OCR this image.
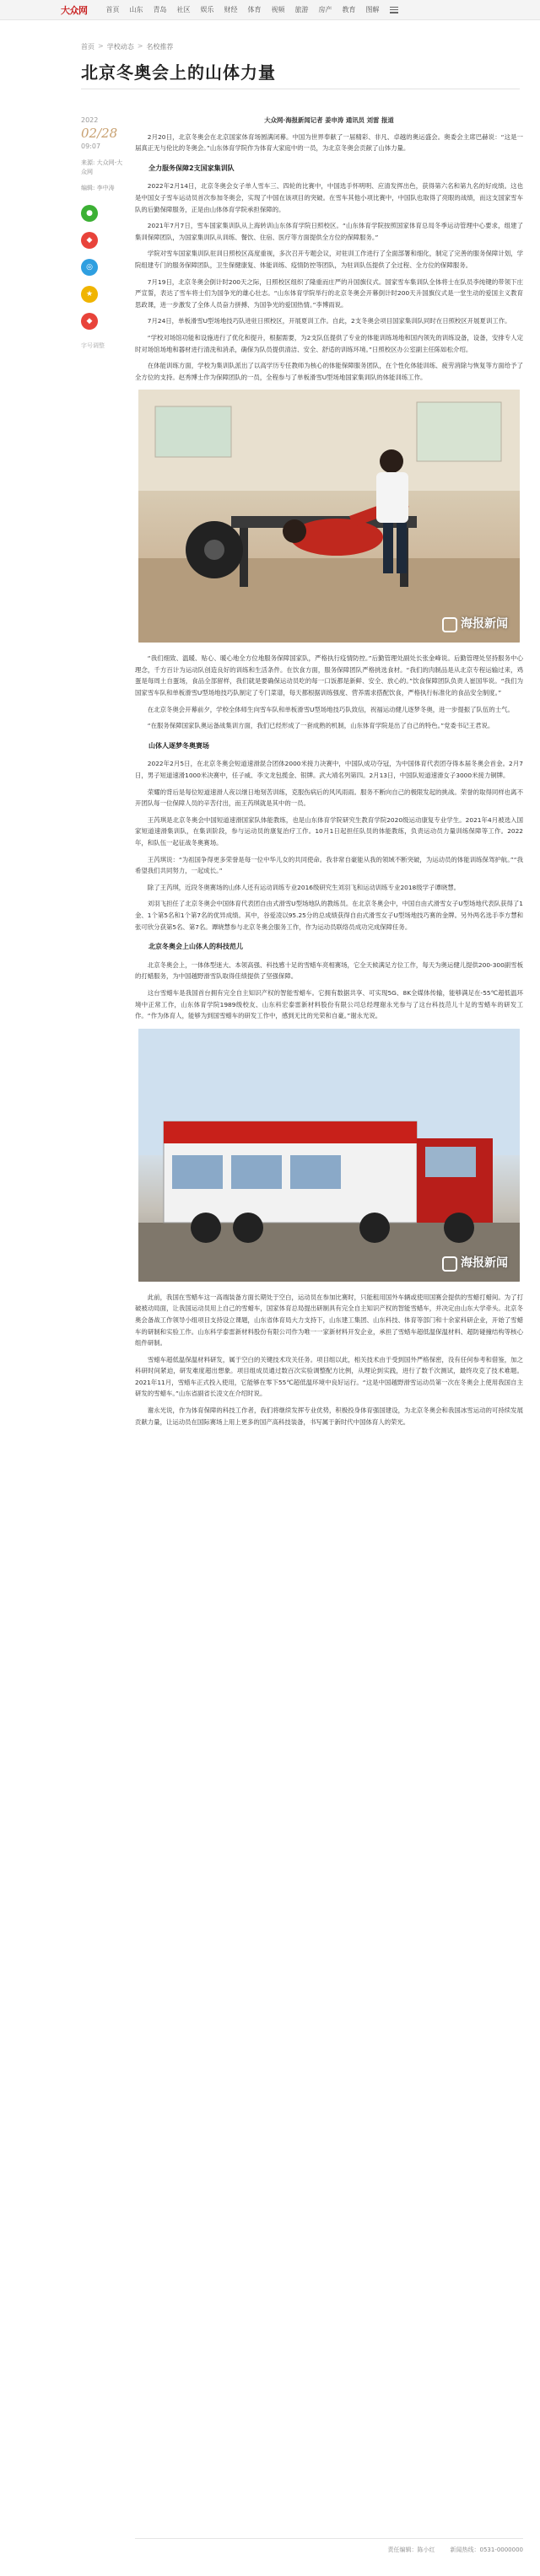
大众网	首页	山东	青岛	社区	娱乐	财经	体育	视频	旅游	房产	教育	图解
首页 > 学校动态 > 名校推荐
北京冬奥会上的山体力量
2022
02/28
09:07
来源: 大众网-大众网
编辑: 李中涛
●
◆
◎
★
◆
字号调整

大众网·海报新闻记者 姜申涛 通讯员 刘雷 报道

2月20日，北京冬奥会在北京国家体育场圆满闭幕。中国为世界奉献了一届精彩、非凡、卓越的奥运盛会。奥委会主席巴赫说：“这是一届真正无与伦比的冬奥会。”山东体育学院作为体育大家庭中的一员，为北京冬奥会贡献了山体力量。

全力服务保障2支国家集训队

2022年2月14日，北京冬奥会女子单人雪车三、四轮的比赛中，中国选手怀明明、应清发挥出色，获得第六名和第九名的好成绩。这也是中国女子雪车运动员首次参加冬奥会，实现了中国在该项目的突破。在雪车其他小项比赛中，中国队也取得了亮眼的战绩，而这支国家雪车队的后勤保障服务，正是由山体体育学院承担保障的。

2021年7月7日，雪车国家集训队从上海转训山东体育学院日照校区。“山东体育学院按照国家体育总局冬季运动管理中心要求，组建了集训保障团队，为国家集训队从训练、餐饮、住宿、医疗等方面提供全方位的保障服务。”

学院对雪车国家集训队驻训日照校区高度重视，多次召开专题会议，对驻训工作进行了全面部署和细化，制定了完善的服务保障计划，学院组建专门的服务保障团队，卫生保健康复、体能训练、疫情防控等团队，为驻训队伍提供了全过程、全方位的保障服务。

7月19日，北京冬奥会倒计时200天之际，日照校区组织了隆重而庄严的升国旗仪式。国家雪车集训队全体将士在队员李纯键的带领下庄严宣誓，表达了雪车将士们为国争光的雄心壮志。“山东体育学院举行的北京冬奥会开幕倒计时200天升国旗仪式是一堂生动的爱国主义教育思政课，进一步激发了全体人员奋力拼搏、为国争光的爱国热情。”李博雨说。

7月24日，单板滑雪U型场地技巧队进驻日照校区，开展夏训工作。自此，2支冬奥会项目国家集训队同时在日照校区开展夏训工作。

“学校对场馆功能和设施进行了优化和提升，根据需要，为2支队伍提供了专业的体能训练场地和国内领先的训练设备，设备，安排专人定时对场馆场地和器材进行清洗和消杀，确保为队员提供清洁、安全、舒适的训练环境。”日照校区办公室副主任陈如松介绍。

在体能训练方面，学校为集训队派出了以高学历专任教师为核心的体能保障服务团队，在个性化体能训练、疲劳消除与恢复等方面给予了全方位的支持。赵秀博士作为保障团队的一员，全程参与了单板滑雪U型场地国家集训队的体能训练工作。

海报新闻

“我们细致、温暖、贴心、暖心地全方位地服务保障国家队，严格执行疫情防控。”后勤管理处副处长张金峰说。后勤管理处坚持服务中心理念，千方百计为运动队创造良好的训练和生活条件。在饮食方面，服务保障团队严格挑选食材。“我们的肉制品是从北京专程运输过来，鸡蛋是每周土自蛋场，食品全部留样，我们就是要确保运动员吃的每一口饭都是新鲜、安全、放心的。”饮食保障团队负责人崔国华说。“我们为国家雪车队和单板滑雪U型场地技巧队制定了专门菜谱，每天都根据训练强度、营养需求搭配饮食，严格执行标准化的食品安全制度。”

在北京冬奥会开幕前夕，学校全体师生向雪车队和单板滑雪U型场地技巧队致信，祝福运动健儿逐梦冬奥，进一步提振了队伍的士气。

“在服务保障国家队奥运备战集训方面，我们已经形成了一套成熟的机制，山东体育学院是出了自己的特色。”党委书记王君说。

山体人逐梦冬奥赛场

2022年2月5日，在北京冬奥会短道速滑混合团体2000米接力决赛中，中国队成功夺冠，为中国体育代表团夺得本届冬奥会首金。2月7日，男子短道速滑1000米决赛中，任子威、李文龙包揽金、银牌。武大靖名列第四。2月13日，中国队短道速滑女子3000米接力铜牌。

荣耀的背后是每位短道速滑人夜以继日地刻苦训练，克服伤病后的风风雨雨。服务不断向自己的极限发起的挑战。荣誉的取得同样也离不开团队每一位保障人员的辛苦付出，而王芮琪就是其中的一员。

王芮琪是北京冬奥会中国短道速滑国家队体能教练，也是山东体育学院研究生教育学院2020级运动康复专业学生。2021年4月被选入国家短道速滑集训队，在集训阶段，参与运动员的康复治疗工作。10月1日起担任队员的体能教练，负责运动员力量训练保障等工作。2022年，和队伍一起征战冬奥赛场。

王芮琪说：“为祖国争得更多荣誉是每一位中华儿女的共同使命。我非常自豪能从我的领域不断突破，为运动员的体能训练保驾护航。”“我希望我们共同努力，一起成长。”

除了王芮琪，近段冬奥赛场的山体人还有运动训练专业2016级研究生刘羽飞和运动训练专业2018级学子谭晓慧。

刘羽飞担任了北京冬奥会中国体育代表团自由式滑雪U型场地队的教练员。在北京冬奥会中，中国自由式滑雪女子U型场地代表队获得了1金、1个第5名和1个第7名的优异成绩。其中，谷爱凌以95.25分的总成绩获得自由式滑雪女子U型场地技巧赛的金牌。另外两名选手李方慧和张可欣分获第5名、第7名。谭晓慧参与北京冬奥会服务工作，作为运动员联络员成功完成保障任务。

北京冬奥会上山体人的科技范儿

北京冬奥会上，一体体型迷大、本领高强、科技感十足的雪蜡车亮相赛场，它全天候满足方位工作，每天为奥运健儿提供200-300副雪板的打蜡服务，为中国越野滑雪队取得佳绩提供了坚强保障。

这台雪蜡车是我国首台拥有完全自主知识产权的智能雪蜡车。它拥有数据共享、可实现5G、8K全媒体传输，能够满足在-55℃超低温环境中正常工作，山东体育学院1989级校友、山东科宏泰雷新材料股份有限公司总经理谢永光参与了这台科技范儿十足的雪蜡车的研发工作。“作为体育人，能够为到国雪蜡车的研发工作中，感到无比的光荣和自豪。”谢永光说。

海报新闻

此前，我国在雪蜡车这一高端装备方面长期处于空白，运动员在参加比赛时，只能租用国外车辆或使用国赛会提供的雪蜡打蜡间。为了打破被动局面，让我国运动员用上自己的雪蜡车，国家体育总局提出研制具有完全自主知识产权的智能雪蜡车，并决定由山东大学牵头。北京冬奥会备战工作领导小组项目支持设立课题，山东省体育局大力支持下，山东建工集团、山东科技、体育等部门和十余家科研企业，开始了雪蜡车的研制和实验工作。山东科学泰雷新材料股份有限公司作为唯一一家新材料开发企业，承担了雪蜡车超低温保温材料、超防碰撞结构等核心组件研制。

雪蜡车超低温保温材料研发，属于空白的关键技术攻关任务。项目组以此，相关技术由于受到国外严格保密，没有任何参考和借鉴，加之科研时间紧迫，研发难度超出想象。项目组成员通过数百次实验调整配方比例，从理论到实践，进行了数千次测试，最终攻克了技术难题。2021年11月，雪蜡车正式投入使用，它能够在零下55℃超低温环境中良好运行。“这是中国越野滑雪运动员第一次在冬奥会上使用我国自主研发的雪蜡车。”山东省副省长凌文在介绍时说。

谢永光说，作为体育保障的科技工作者，我们将继续发挥专业优势，积极投身体育强国建设，为北京冬奥会和我国冰雪运动的可持续发展贡献力量，让运动员在国际赛场上用上更多的国产高科技装备，书写属于新时代中国体育人的荣光。

责任编辑：陈小红	新闻热线：0531-0000000
